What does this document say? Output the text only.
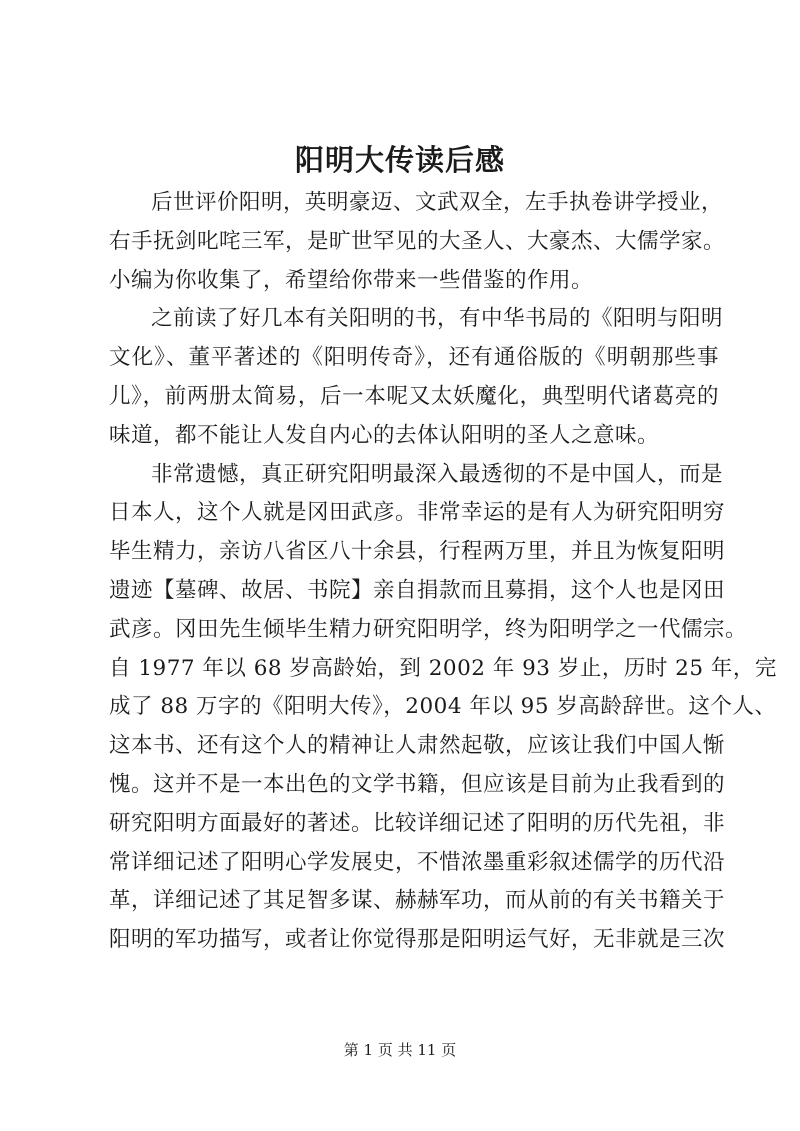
阳明大传读后感
后世评价阳明，英明豪迈、文武双全，左手执卷讲学授业，
右手抚剑叱咤三军，是旷世罕见的大圣人、大豪杰、大儒学家。
小编为你收集了，希望给你带来一些借鉴的作用。
之前读了好几本有关阳明的书，有中华书局的《阳明与阳明
文化》、董平著述的《阳明传奇》，还有通俗版的《明朝那些事
儿》，前两册太简易，后一本呢又太妖魔化，典型明代诸葛亮的
味道，都不能让人发自内心的去体认阳明的圣人之意味。
非常遗憾，真正研究阳明最深入最透彻的不是中国人，而是
日本人，这个人就是冈田武彦。非常幸运的是有人为研究阳明穷
毕生精力，亲访八省区八十余县，行程两万里，并且为恢复阳明
遗迹【墓碑、故居、书院】亲自捐款而且募捐，这个人也是冈田
武彦。冈田先生倾毕生精力研究阳明学，终为阳明学之一代儒宗。
自 1977 年以 68 岁高龄始，到 2002 年 93 岁止，历时 25 年，完
成了 88 万字的《阳明大传》，2004 年以 95 岁高龄辞世。这个人、
这本书、还有这个人的精神让人肃然起敬，应该让我们中国人惭
愧。这并不是一本出色的文学书籍，但应该是目前为止我看到的
研究阳明方面最好的著述。比较详细记述了阳明的历代先祖，非
常详细记述了阳明心学发展史，不惜浓墨重彩叙述儒学的历代沿
革，详细记述了其足智多谋、赫赫军功，而从前的有关书籍关于
阳明的军功描写，或者让你觉得那是阳明运气好，无非就是三次
第 1 页 共 11 页
